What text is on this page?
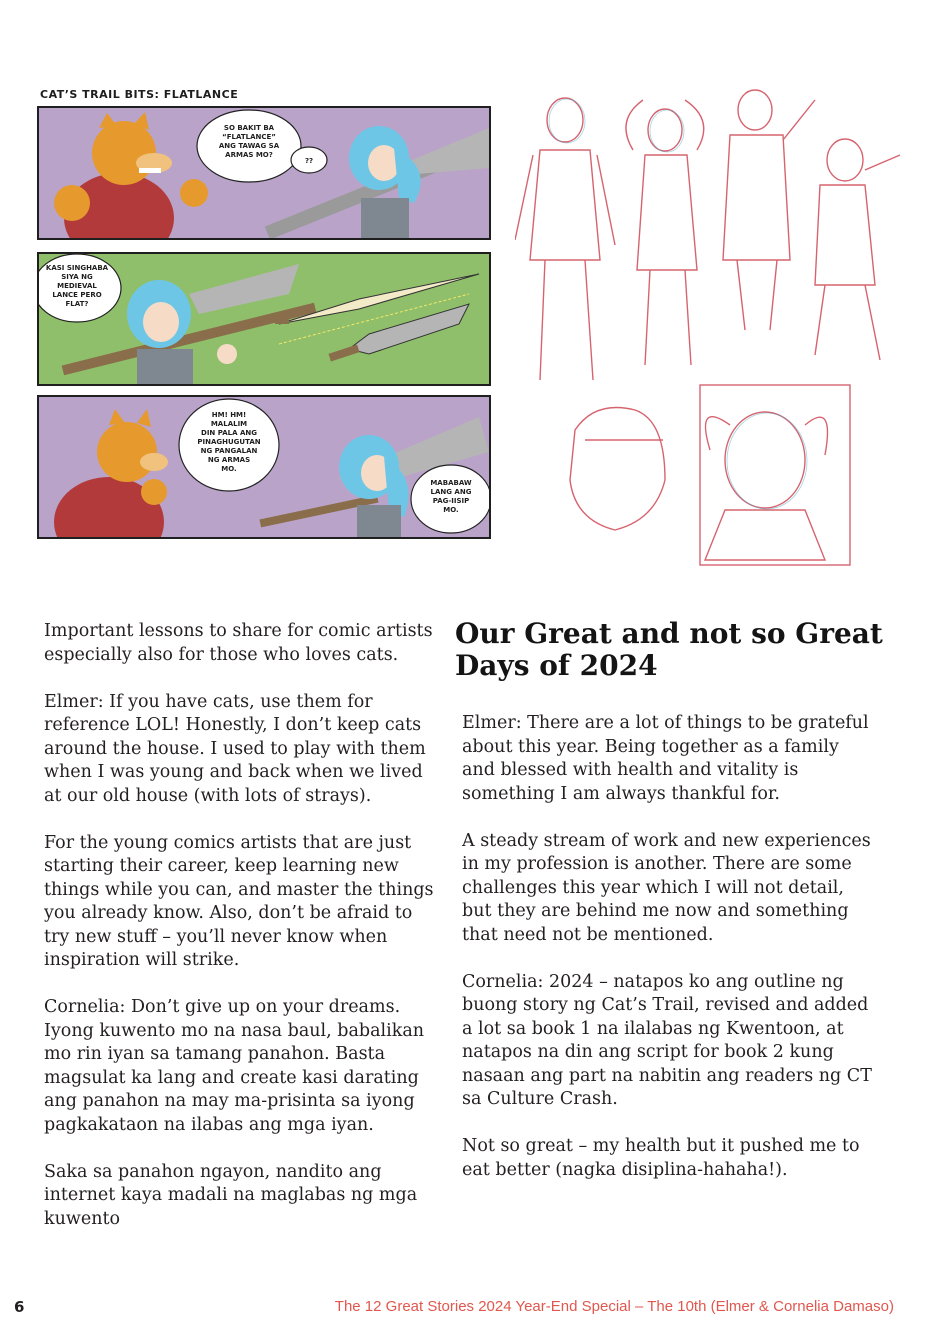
CAT’S TRAIL BITS: FLATLANCE
SO BAKIT BA “FLATLANCE” ANG TAWAG SA ARMAS MO?
??
KASI SINGHABA SIYA NG MEDIEVAL LANCE PERO FLAT?
HM! HM! MALALIM DIN PALA ANG PINAGHUGUTAN NG PANGALAN NG ARMAS MO.
MABABAW LANG ANG PAG-IISIP MO.

Important lessons to share for comic artists especially also for those who loves cats.

Elmer: If you have cats, use them for reference LOL! Honestly, I don’t keep cats around the house. I used to play with them when I was young and back when we lived at our old house (with lots of strays).

For the young comics artists that are just starting their career, keep learning new things while you can, and master the things you already know. Also, don’t be afraid to try new stuff – you’ll never know when inspiration will strike.

Cornelia: Don’t give up on your dreams. Iyong kuwento mo na nasa baul, babalikan mo rin iyan sa tamang panahon. Basta magsulat ka lang and create kasi darating ang panahon na may ma-prisinta sa iyong pagkakataon na ilabas ang mga iyan.

Saka sa panahon ngayon, nandito ang internet kaya madali na maglabas ng mga kuwento

Our Great and not so Great Days of 2024

Elmer: There are a lot of things to be grateful about this year. Being together as a family and blessed with health and vitality is something I am always thankful for.

A steady stream of work and new experiences in my profession is another. There are some challenges this year which I will not detail, but they are behind me now and something that need not be mentioned.

Cornelia: 2024 – natapos ko ang outline ng buong story ng Cat’s Trail, revised and added a lot sa book 1 na ilalabas ng Kwentoon, at natapos na din ang script for book 2 kung nasaan ang part na nabitin ang readers ng CT sa Culture Crash.

Not so great – my health but it pushed me to eat better (nagka disiplina-hahaha!).

6	The 12 Great Stories 2024 Year-End Special – The 10th (Elmer & Cornelia Damaso)
